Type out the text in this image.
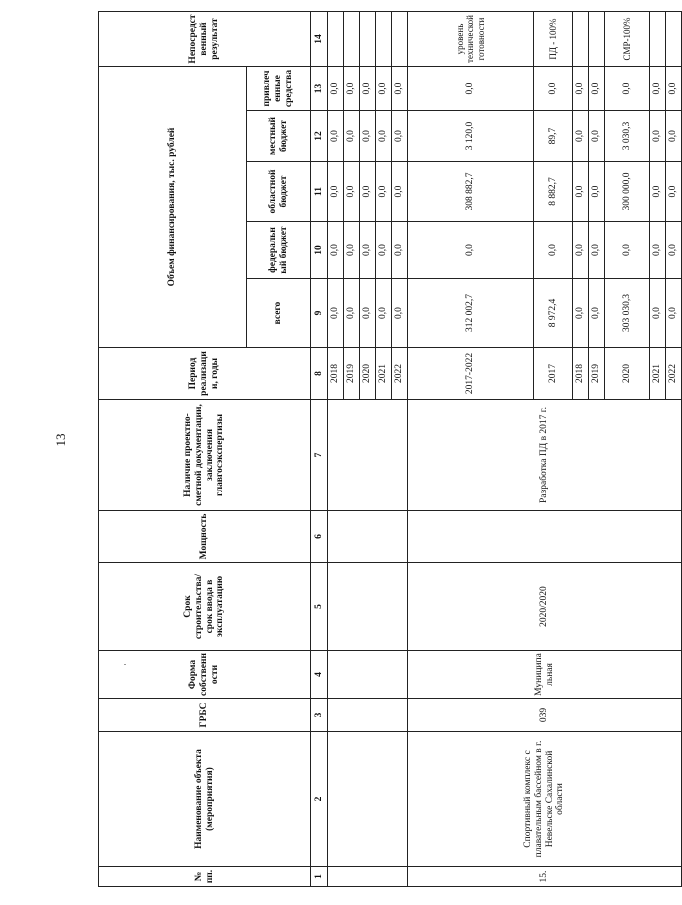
13
№ пп.	Наименование объекта (мероприятия)	ГРБС	Форма собственности	Срок строительства/срок ввода в эксплуатацию	Мощность	Наличие проектно-сметной документации, заключения главгосэкспертизы	Период реализации, годы	Объем финансирования, тыс. рублей					Непосредственный результат
								всего	федеральный бюджет	областной бюджет	местный бюджет	привлеченные средства	
1	2	3	4	5	6	7	8	9	10	11	12	13	14
							2018	0,0	0,0	0,0	0,0	0,0	
							2019	0,0	0,0	0,0	0,0	0,0	
							2020	0,0	0,0	0,0	0,0	0,0	
							2021	0,0	0,0	0,0	0,0	0,0	
							2022	0,0	0,0	0,0	0,0	0,0	
15.	Спортивный комплекс с плавательным бассейном в г. Невельске Сахалинской области	039	Муниципальная	2020/2020		Разработка ПД в 2017 г.	2017-2022	312 002,7	0,0	308 882,7	3 120,0	0,0	уровень технической готовности
							2017	8 972,4	0,0	8 882,7	89,7	0,0	ПД - 100%
							2018	0,0	0,0	0,0	0,0	0,0	
							2019	0,0	0,0	0,0	0,0	0,0	
							2020	303 030,3	0,0	300 000,0	3 030,3	0,0	СМР-100%
							2021	0,0	0,0	0,0	0,0	0,0	
							2022	0,0	0,0	0,0	0,0	0,0	
